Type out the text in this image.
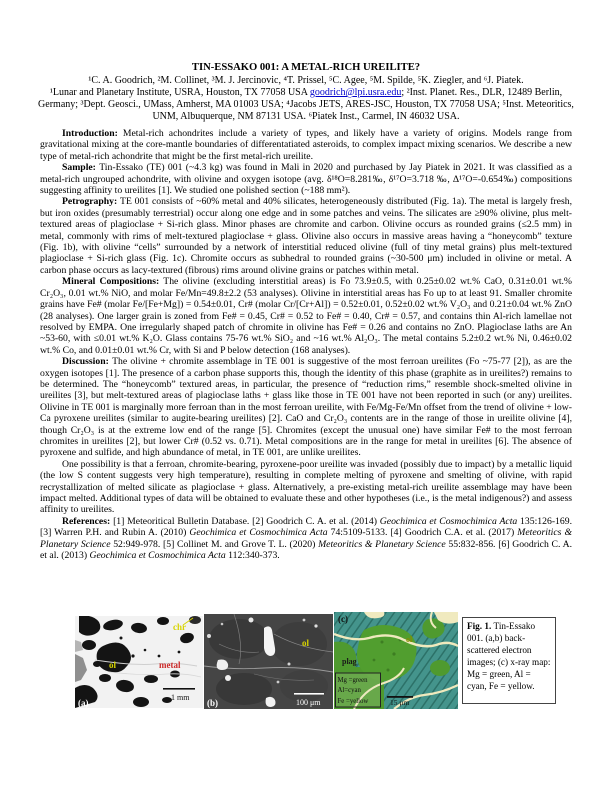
TIN-ESSAKO 001: A METAL-RICH UREILITE?
¹C. A. Goodrich, ²M. Collinet, ³M. J. Jercinovic, ⁴T. Prissel, ⁵C. Agee, ⁵M. Spilde, ⁵K. Ziegler, and ⁶J. Piatek.
¹Lunar and Planetary Institute, USRA, Houston, TX 77058 USA goodrich@lpi.usra.edu; ²Inst. Planet. Res., DLR, 12489 Berlin, Germany; ³Dept. Geosci., UMass, Amherst, MA 01003 USA; ⁴Jacobs JETS, ARES-JSC, Houston, TX 77058 USA; ⁵Inst. Meteoritics, UNM, Albuquerque, NM 87131 USA. ⁶Piatek Inst., Carmel, IN 46032 USA.

Introduction: Metal-rich achondrites include a variety of types, and likely have a variety of origins. Models range from gravitational mixing at the core-mantle boundaries of differentatiated asteroids, to complex impact mixing scenarios. We describe a new type of metal-rich achondrite that might be the first metal-rich ureilite.

Sample: Tin-Essako (TE) 001 (~4.3 kg) was found in Mali in 2020 and purchased by Jay Piatek in 2021. It was classified as a metal-rich ungrouped achondrite, with olivine and oxygen isotope (avg. δ¹⁸O=8.281‰, δ¹⁷O=3.718 ‰, Δ¹⁷O=-0.654‰) compositions suggesting affinity to ureilites [1]. We studied one polished section (~188 mm²).

Petrography: TE 001 consists of ~60% metal and 40% silicates, heterogeneously distributed (Fig. 1a). The metal is largely fresh, but iron oxides (presumably terrestrial) occur along one edge and in some patches and veins. The silicates are ≥90% olivine, plus melt-textured areas of plagioclase + Si-rich glass. Minor phases are chromite and carbon. Olivine occurs as rounded grains (≤2.5 mm) in metal, commonly with rims of melt-textured plagioclase + glass. Olivine also occurs in massive areas having a “honeycomb” texture (Fig. 1b), with olivine “cells” surrounded by a network of interstitial reduced olivine (full of tiny metal grains) plus melt-textured plagioclase + Si-rich glass (Fig. 1c). Chromite occurs as subhedral to rounded grains (~30-500 μm) included in olivine or metal. A carbon phase occurs as lacy-textured (fibrous) rims around olivine grains or patches within metal.

Mineral Compositions: The olivine (excluding interstitial areas) is Fo 73.9±0.5, with 0.25±0.02 wt.% CaO, 0.31±0.01 wt.% Cr₂O₃, 0.01 wt.% NiO, and molar Fe/Mn=49.8±2.2 (53 analyses). Olivine in interstitial areas has Fo up to at least 91. Smaller chromite grains have Fe# (molar Fe/[Fe+Mg]) = 0.54±0.01, Cr# (molar Cr/[Cr+Al]) = 0.52±0.01, 0.52±0.02 wt.% V₂O₃ and 0.21±0.04 wt.% ZnO (28 analyses). One larger grain is zoned from Fe# = 0.45, Cr# = 0.52 to Fe# = 0.40, Cr# = 0.57, and contains thin Al-rich lamellae not resolved by EMPA. One irregularly shaped patch of chromite in olivine has Fe# = 0.26 and contains no ZnO. Plagioclase laths are An ~53-60, with ≤0.01 wt.% K₂O. Glass contains 75-76 wt.% SiO₂ and ~16 wt.% Al₂O₃. The metal contains 5.2±0.2 wt.% Ni, 0.46±0.02 wt.% Co, and 0.01±0.01 wt.% Cr, with Si and P below detection (168 analyses).

Discussion: The olivine + chromite assemblage in TE 001 is suggestive of the most ferroan ureilites (Fo ~75-77 [2]), as are the oxygen isotopes [1]. The presence of a carbon phase supports this, though the identity of this phase (graphite as in ureilites?) remains to be determined. The “honeycomb” textured areas, in particular, the presence of “reduction rims,” resemble shock-smelted olivine in ureilites [3], but melt-textured areas of plagioclase laths + glass like those in TE 001 have not been reported in such (or any) ureilites. Olivine in TE 001 is marginally more ferroan than in the most ferroan ureilite, with Fe/Mg-Fe/Mn offset from the trend of olivine + low-Ca pyroxene ureilites (similar to augite-bearing ureilites) [2]. CaO and Cr₂O₃ contents are in the range of those in ureilite olivine [4], though Cr₂O₃ is at the extreme low end of the range [5]. Chromites (except the unusual one) have similar Fe# to the most ferroan chromites in ureilites [2], but lower Cr# (0.52 vs. 0.71). Metal compositions are in the range for metal in ureilites [6]. The absence of pyroxene and sulfide, and high abundance of metal, in TE 001, are unlike ureilites.

One possibility is that a ferroan, chromite-bearing, pyroxene-poor ureilite was invaded (possibly due to impact) by a metallic liquid (the low S content suggests very high temperature), resulting in complete melting of pyroxene and smelting of olivine, with rapid recrystallization of melted silicate as plagioclase + glass. Alternatively, a pre-existing metal-rich ureilite assemblage may have been impact melted. Additional types of data will be obtained to evaluate these and other hypotheses (i.e., is the metal indigenous?) and assess affinity to ureilites.

References: [1] Meteoritical Bulletin Database. [2] Goodrich C. A. et al. (2014) Geochimica et Cosmochimica Acta 135:126-169. [3] Warren P.H. and Rubin A. (2010) Geochimica et Cosmochimica Acta 74:5109-5133. [4] Goodrich C.A. et al. (2017) Meteoritics & Planetary Science 52:949-978. [5] Collinet M. and Grove T. L. (2020) Meteoritics & Planetary Science 55:832-856. [6] Goodrich C. A. et al. (2013) Geochimica et Cosmochimica Acta 112:340-373.

chr
ol	metal
(a)
1 mm
ol
(b)	100 μm
(c)
plag
ol
Mg =green
Al=cyan
Fe =yellow	15 μm
Fig. 1. Tin-Essako 001. (a,b) back-scattered electron images; (c) x-ray map: Mg = green, Al = cyan, Fe = yellow.
